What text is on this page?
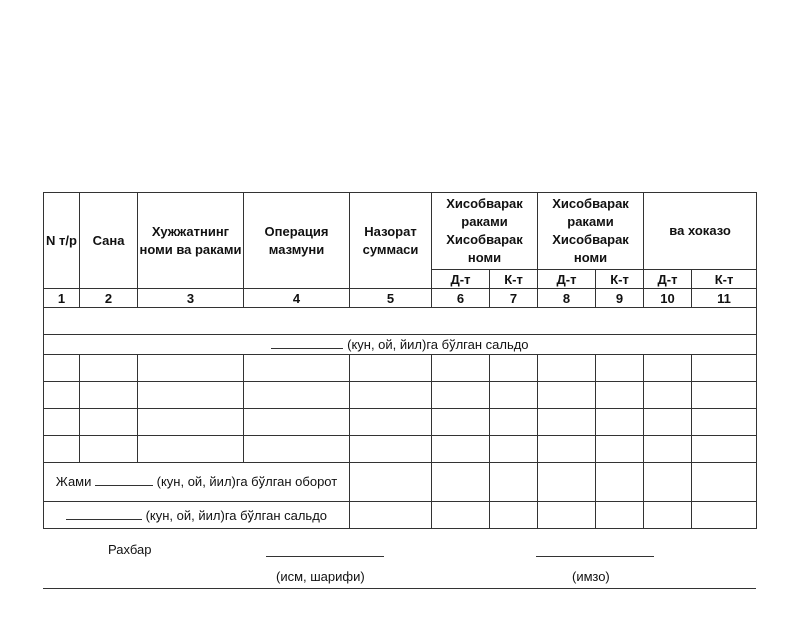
N т/р	Сана	Хужжатнинг номи ва раками	Операция мазмуни	Назорат суммаси	Хисобварак раками Хисобварак номи		Хисобварак раками Хисобварак номи		ва хоказо	
					Д-т	К-т	Д-т	К-т	Д-т	К-т
1	2	3	4	5	6	7	8	9	10	11

(кун, ой, йил)га бўлган сальдо										

Жами (кун, ой, йил)га бўлган оборот										
(кун, ой, йил)га бўлган сальдо										
Рахбар
(исм, шарифи)	(имзо)
